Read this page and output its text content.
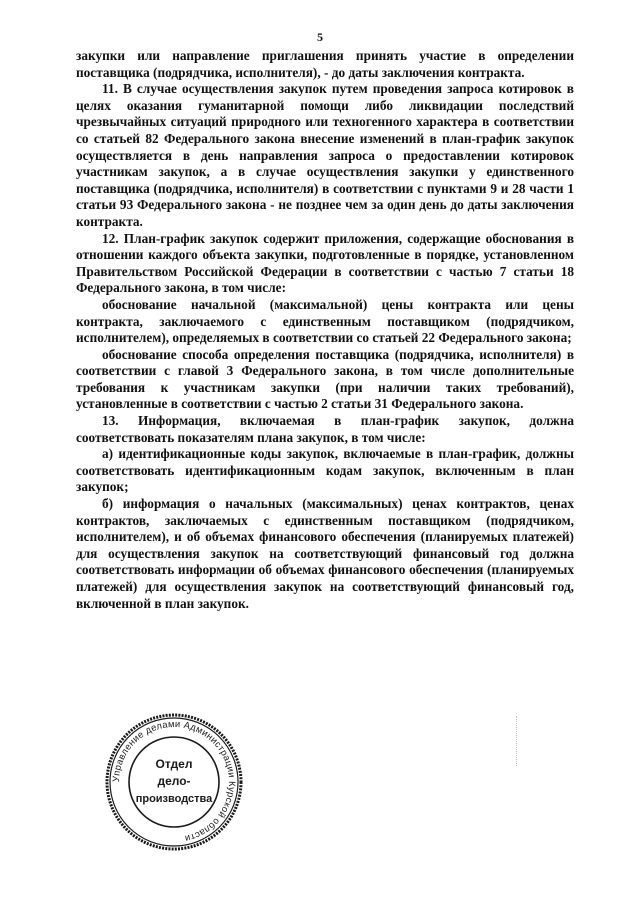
5

закупки или направление приглашения принять участие в определении поставщика (подрядчика, исполнителя), - до даты заключения контракта.

11. В случае осуществления закупок путем проведения запроса котировок в целях оказания гуманитарной помощи либо ликвидации последствий чрезвычайных ситуаций природного или техногенного характера в соответствии со статьей 82 Федерального закона внесение изменений в план-график закупок осуществляется в день направления запроса о предоставлении котировок участникам закупок, а в случае осуществления закупки у единственного поставщика (подрядчика, исполнителя) в соответствии с пунктами 9 и 28 части 1 статьи 93 Федерального закона - не позднее чем за один день до даты заключения контракта.

12. План-график закупок содержит приложения, содержащие обоснования в отношении каждого объекта закупки, подготовленные в порядке, установленном Правительством Российской Федерации в соответствии с частью 7 статьи 18 Федерального закона, в том числе:

обоснование начальной (максимальной) цены контракта или цены контракта, заключаемого с единственным поставщиком (подрядчиком, исполнителем), определяемых в соответствии со статьей 22 Федерального закона;

обоснование способа определения поставщика (подрядчика, исполнителя) в соответствии с главой 3 Федерального закона, в том числе дополнительные требования к участникам закупки (при наличии таких требований), установленные в соответствии с частью 2 статьи 31 Федерального закона.

13. Информация, включаемая в план-график закупок, должна соответствовать показателям плана закупок, в том числе:

а) идентификационные коды закупок, включаемые в план-график, должны соответствовать идентификационным кодам закупок, включенным в план закупок;

б) информация о начальных (максимальных) ценах контрактов, ценах контрактов, заключаемых с единственным поставщиком (подрядчиком, исполнителем), и об объемах финансового обеспечения (планируемых платежей) для осуществления закупок на соответствующий финансовый год должна соответствовать информации об объемах финансового обеспечения (планируемых платежей) для осуществления закупок на соответствующий финансовый год, включенной в план закупок.

Управление делами Администрации Курской области
Отдел
дело-
производства
